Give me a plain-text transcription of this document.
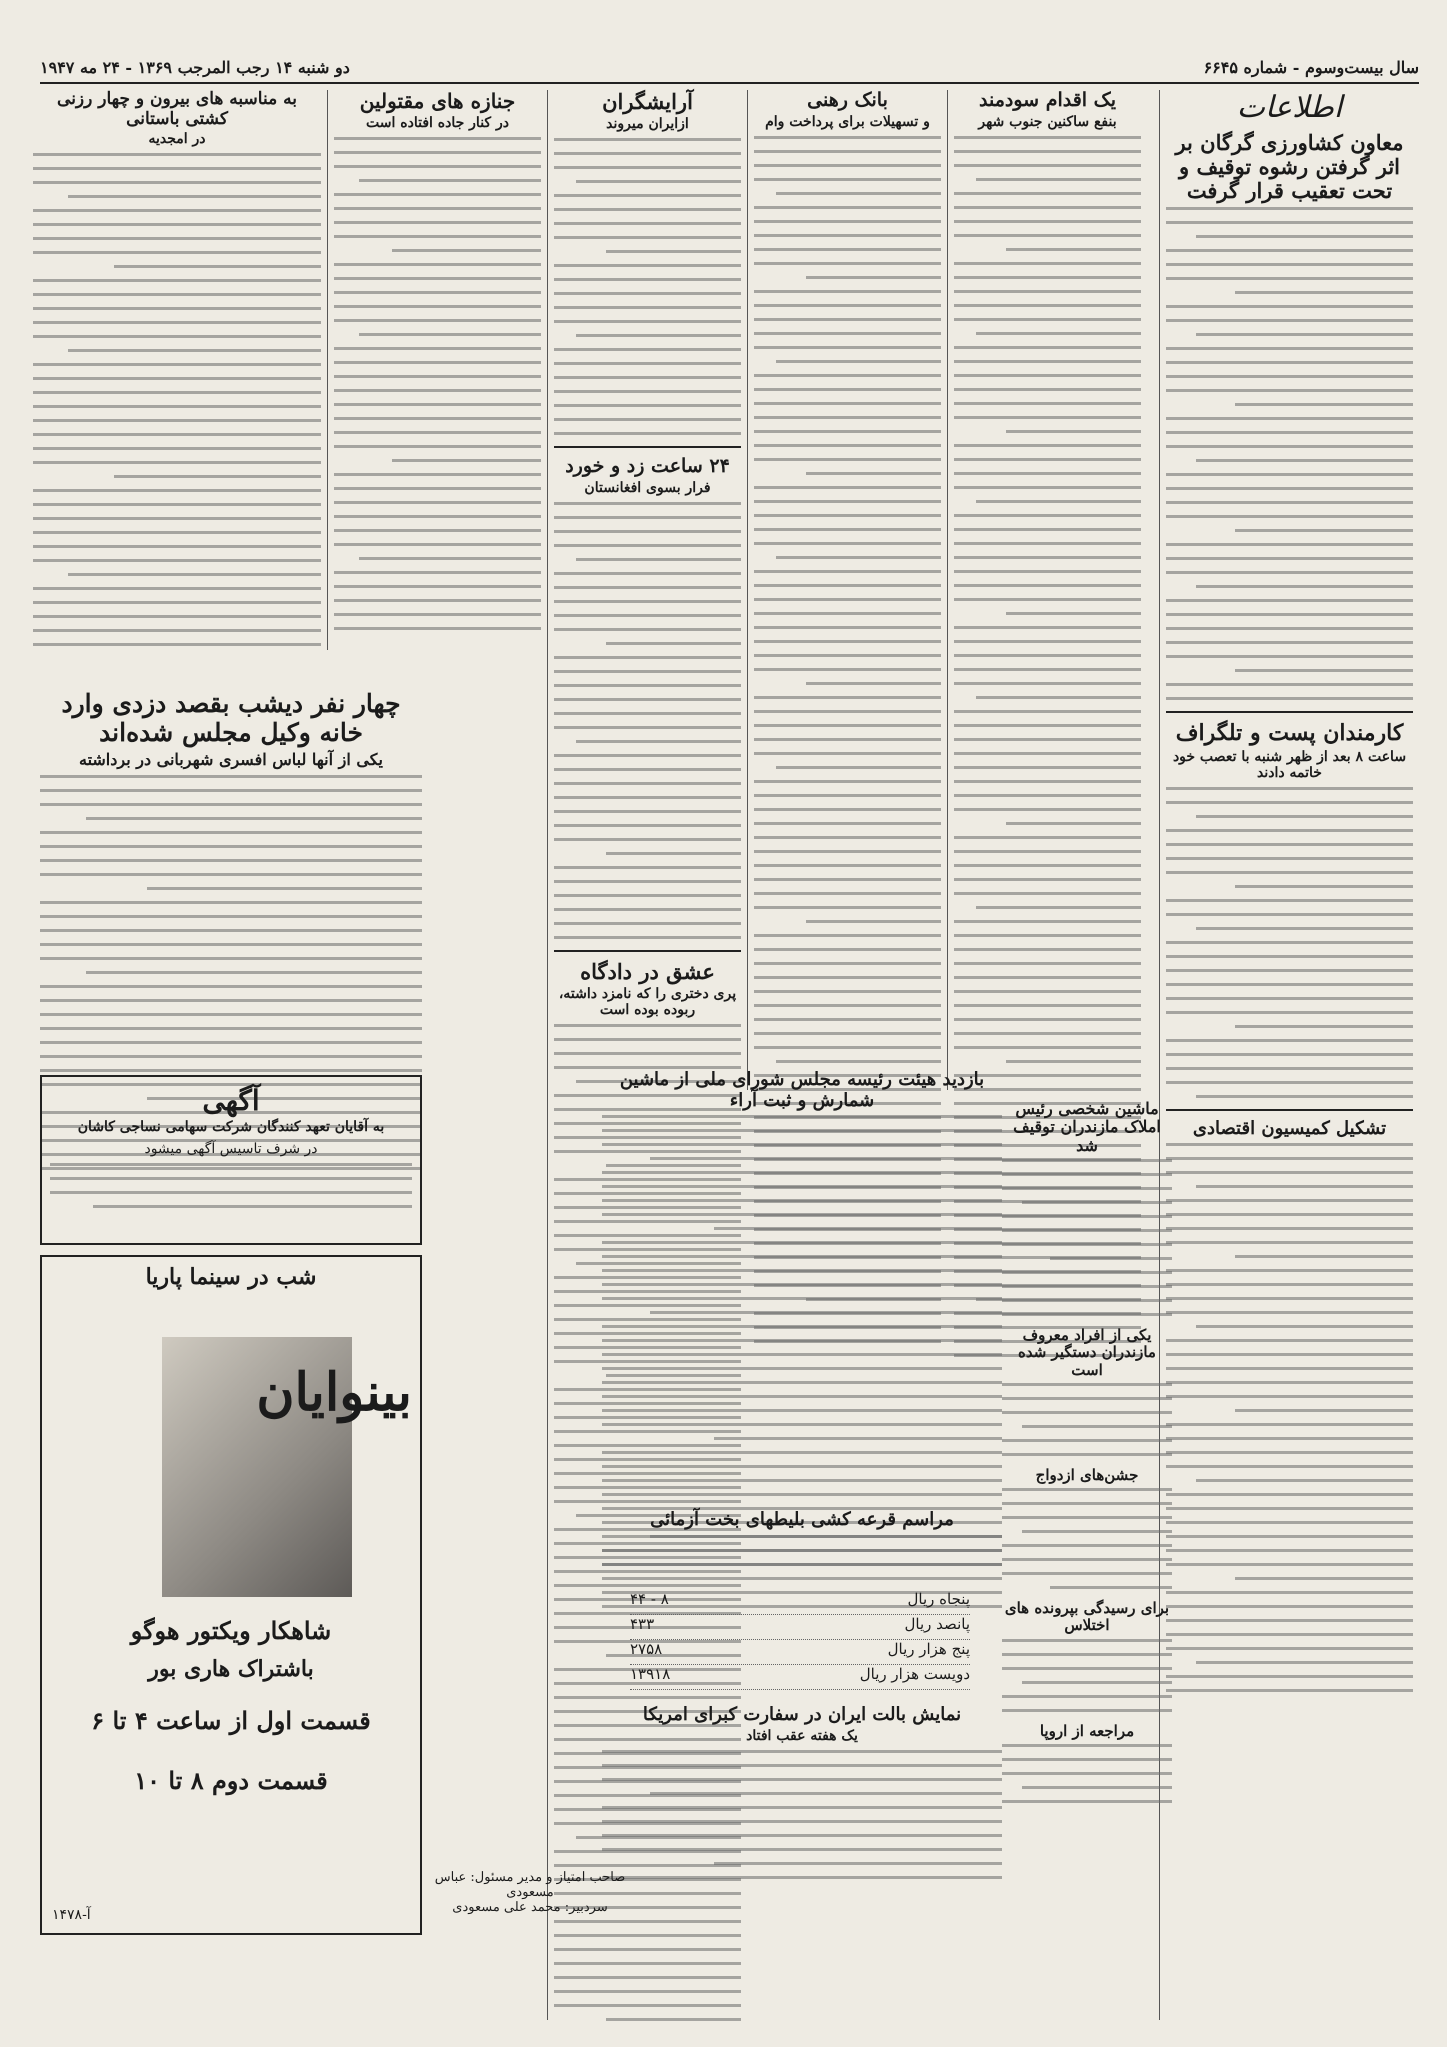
سال بیست‌وسوم - شماره ۶۶۴۵
دو شنبه ۱۴ رجب المرجب ۱۳۶۹ - ۲۴ مه ۱۹۴۷
اطلاعات
معاون کشاورزی گرگان بر اثر گرفتن رشوه توقیف و تحت تعقیب قرار گرفت
کارمندان پست و تلگراف
ساعت ۸ بعد از ظهر شنبه با تعصب خود خاتمه دادند
تشکیل کمیسیون اقتصادی
یک اقدام سودمند
بنفع ساکنین جنوب شهر
بانک رهنی
و تسهیلات برای پرداخت وام
آرایشگران
ازایران میروند
۲۴ ساعت زد و خورد
فرار بسوی افغانستان
عشق در دادگاه
پری دختری را که نامزد داشته، ربوده بوده است
جنازه های مقتولین
در کنار جاده افتاده است
به مناسبه های بیرون و چهار رزنی کشتی باستانی
در امجدیه
چهار نفر دیشب بقصد دزدی وارد خانه وکیل مجلس شده‌اند
یکی از آنها لباس افسری شهربانی در برداشته
آگهی
به آقایان تعهد کنندگان شرکت سهامی نساجی کاشان
در شرف تاسیس آگهی میشود
شب در سینما پاریا
بینوایان
شاهکار ویکتور هوگو
باشتراک هاری بور
قسمت اول از ساعت ۴ تا ۶
قسمت دوم ۸ تا ۱۰
آ-۱۴۷۸
بازدید هیئت رئیسه مجلس شورای ملی از ماشین شمارش و ثبت آراء
مراسم قرعه کشی بلیطهای بخت آزمائی
پنجاه ریال
۸ - ۴۴
پانصد ریال
۴۳۳
پنج هزار ریال
۲۷۵۸
دویست هزار ریال
۱۳۹۱۸
نمایش بالت ایران در سفارت کبرای امریکا
یک هفته عقب افتاد
ماشین شخصی رئیس املاک مازندران توقیف شد
یکی از افراد معروف مازندران دستگیر شده است
جشن‌های ازدواج
برای رسیدگی بپرونده های اختلاس
مراجعه از اروپا
صاحب امتیاز و مدیر مسئول: عباس مسعودی
سردبیر: محمد علی مسعودی
